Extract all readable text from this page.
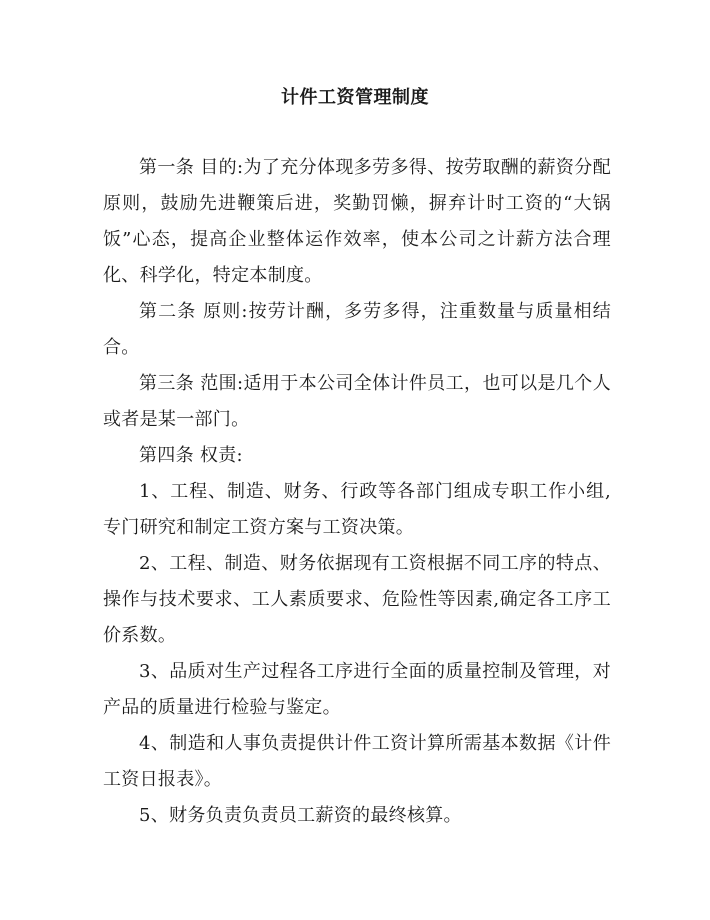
计件工资管理制度

第一条 目的:为了充分体现多劳多得、按劳取酬的薪资分配原则，鼓励先进鞭策后进，奖勤罚懒，摒弃计时工资的“大锅饭”心态，提高企业整体运作效率，使本公司之计薪方法合理化、科学化，特定本制度。

第二条 原则:按劳计酬，多劳多得，注重数量与质量相结合。

第三条 范围:适用于本公司全体计件员工，也可以是几个人或者是某一部门。

第四条 权责:

1、工程、制造、财务、行政等各部门组成专职工作小组,专门研究和制定工资方案与工资决策。

2、工程、制造、财务依据现有工资根据不同工序的特点、操作与技术要求、工人素质要求、危险性等因素,确定各工序工价系数。

3、品质对生产过程各工序进行全面的质量控制及管理，对产品的质量进行检验与鉴定。

4、制造和人事负责提供计件工资计算所需基本数据《计件工资日报表》。

5、财务负责负责员工薪资的最终核算。
